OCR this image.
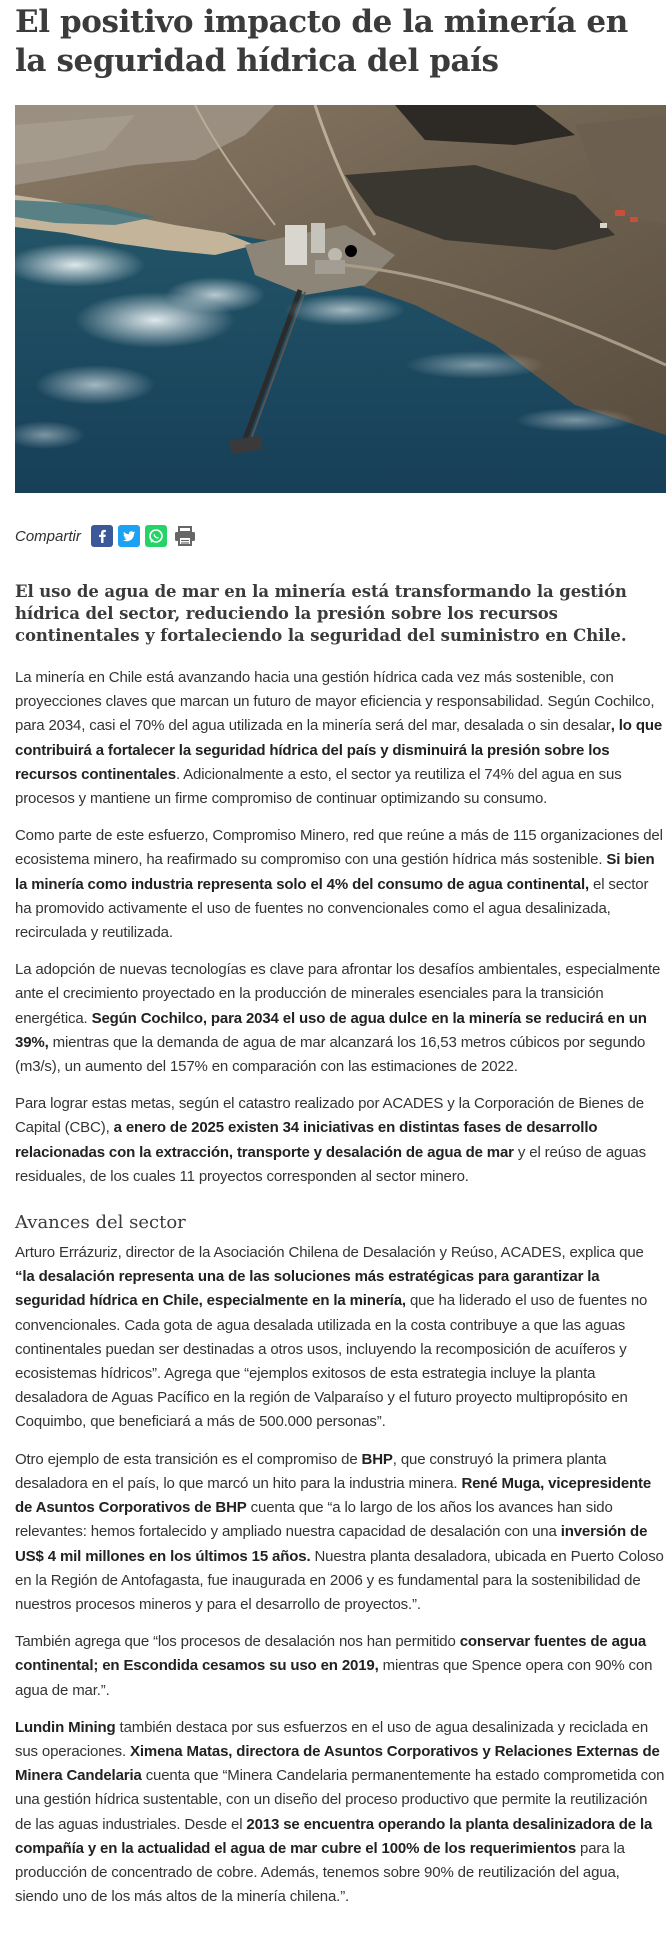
El positivo impacto de la minería en la seguridad hídrica del país
Compartir
El uso de agua de mar en la minería está transformando la gestión hídrica del sector, reduciendo la presión sobre los recursos continentales y fortaleciendo la seguridad del suministro en Chile.

La minería en Chile está avanzando hacia una gestión hídrica cada vez más sostenible, con proyecciones claves que marcan un futuro de mayor eficiencia y responsabilidad. Según Cochilco, para 2034, casi el 70% del agua utilizada en la minería será del mar, desalada o sin desalar, lo que contribuirá a fortalecer la seguridad hídrica del país y disminuirá la presión sobre los recursos continentales. Adicionalmente a esto, el sector ya reutiliza el 74% del agua en sus procesos y mantiene un firme compromiso de continuar optimizando su consumo.

Como parte de este esfuerzo, Compromiso Minero, red que reúne a más de 115 organizaciones del ecosistema minero, ha reafirmado su compromiso con una gestión hídrica más sostenible. Si bien la minería como industria representa solo el 4% del consumo de agua continental, el sector ha promovido activamente el uso de fuentes no convencionales como el agua desalinizada, recirculada y reutilizada.

La adopción de nuevas tecnologías es clave para afrontar los desafíos ambientales, especialmente ante el crecimiento proyectado en la producción de minerales esenciales para la transición energética. Según Cochilco, para 2034 el uso de agua dulce en la minería se reducirá en un 39%, mientras que la demanda de agua de mar alcanzará los 16,53 metros cúbicos por segundo (m3/s), un aumento del 157% en comparación con las estimaciones de 2022.

Para lograr estas metas, según el catastro realizado por ACADES y la Corporación de Bienes de Capital (CBC), a enero de 2025 existen 34 iniciativas en distintas fases de desarrollo relacionadas con la extracción, transporte y desalación de agua de mar y el reúso de aguas residuales, de los cuales 11 proyectos corresponden al sector minero.

Avances del sector

Arturo Errázuriz, director de la Asociación Chilena de Desalación y Reúso, ACADES, explica que “la desalación representa una de las soluciones más estratégicas para garantizar la seguridad hídrica en Chile, especialmente en la minería, que ha liderado el uso de fuentes no convencionales. Cada gota de agua desalada utilizada en la costa contribuye a que las aguas continentales puedan ser destinadas a otros usos, incluyendo la recomposición de acuíferos y ecosistemas hídricos”. Agrega que “ejemplos exitosos de esta estrategia incluye la planta desaladora de Aguas Pacífico en la región de Valparaíso y el futuro proyecto multipropósito en Coquimbo, que beneficiará a más de 500.000 personas”.

Otro ejemplo de esta transición es el compromiso de BHP, que construyó la primera planta desaladora en el país, lo que marcó un hito para la industria minera. René Muga, vicepresidente de Asuntos Corporativos de BHP cuenta que “a lo largo de los años los avances han sido relevantes: hemos fortalecido y ampliado nuestra capacidad de desalación con una inversión de US$ 4 mil millones en los últimos 15 años. Nuestra planta desaladora, ubicada en Puerto Coloso en la Región de Antofagasta, fue inaugurada en 2006 y es fundamental para la sostenibilidad de nuestros procesos mineros y para el desarrollo de proyectos.”.

También agrega que “los procesos de desalación nos han permitido conservar fuentes de agua continental; en Escondida cesamos su uso en 2019, mientras que Spence opera con 90% con agua de mar.”.

Lundin Mining también destaca por sus esfuerzos en el uso de agua desalinizada y reciclada en sus operaciones. Ximena Matas, directora de Asuntos Corporativos y Relaciones Externas de Minera Candelaria cuenta que “Minera Candelaria permanentemente ha estado comprometida con una gestión hídrica sustentable, con un diseño del proceso productivo que permite la reutilización de las aguas industriales. Desde el 2013 se encuentra operando la planta desalinizadora de la compañía y en la actualidad el agua de mar cubre el 100% de los requerimientos para la producción de concentrado de cobre. Además, tenemos sobre 90% de reutilización del agua, siendo uno de los más altos de la minería chilena.”.
